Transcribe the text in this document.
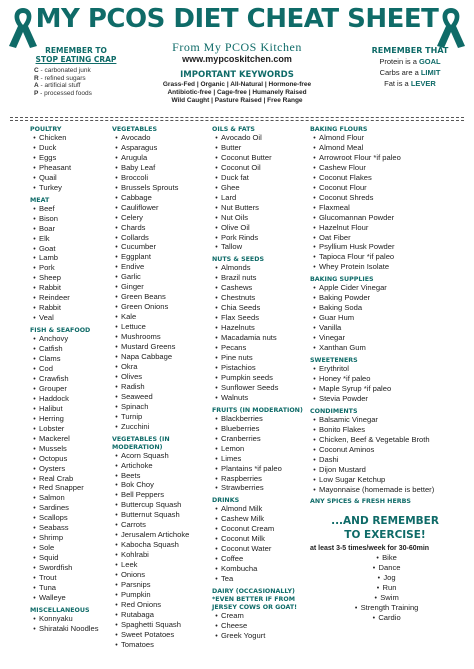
MY PCOS DIET CHEAT SHEET
From My PCOS Kitchen
www.mypcoskitchen.com
REMEMBER TO
STOP EATING CRAP
C - carbonated junk
R - refined sugars
A - artificial stuff
P - processed foods
IMPORTANT KEYWORDS
Grass-Fed | Organic | All-Natural | Hormone-free
Antibiotic-free | Cage-free | Humanely Raised
Wild Caught | Pasture Raised | Free Range
REMEMBER THAT
Protein is a GOAL
Carbs are a LIMIT
Fat is a LEVER
POULTRY
• Chicken
• Duck
• Eggs
• Pheasant
• Quail
• Turkey
MEAT
• Beef
• Bison
• Boar
• Elk
• Goat
• Lamb
• Pork
• Sheep
• Rabbit
• Reindeer
• Rabbit
• Veal
FISH & SEAFOOD
• Anchovy
• Catfish
• Clams
• Cod
• Crawfish
• Grouper
• Haddock
• Halibut
• Herring
• Lobster
• Mackerel
• Mussels
• Octopus
• Oysters
• Real Crab
• Red Snapper
• Salmon
• Sardines
• Scallops
• Seabass
• Shrimp
• Sole
• Squid
• Swordfish
• Trout
• Tuna
• Walleye
MISCELLANEOUS
• Konnyaku
• Shirataki Noodles
VEGETABLES
• Avocado
• Asparagus
• Arugula
• Baby Leaf
• Broccoli
• Brussels Sprouts
• Cabbage
• Cauliflower
• Celery
• Chards
• Collards
• Cucumber
• Eggplant
• Endive
• Garlic
• Ginger
• Green Beans
• Green Onions
• Kale
• Lettuce
• Mushrooms
• Mustard Greens
• Napa Cabbage
• Okra
• Olives
• Radish
• Seaweed
• Spinach
• Turnip
• Zucchini
VEGETABLES (IN MODERATION)
• Acorn Squash
• Artichoke
• Beets
• Bok Choy
• Bell Peppers
• Buttercup Squash
• Butternut Squash
• Carrots
• Jerusalem Artichoke
• Kabocha Squash
• Kohlrabi
• Leek
• Onions
• Parsnips
• Pumpkin
• Red Onions
• Rutabaga
• Spaghetti Squash
• Sweet Potatoes
• Tomatoes
OILS & FATS
• Avocado Oil
• Butter
• Coconut Butter
• Coconut Oil
• Duck fat
• Ghee
• Lard
• Nut Butters
• Nut Oils
• Olive Oil
• Pork Rinds
• Tallow
NUTS & SEEDS
• Almonds
• Brazil nuts
• Cashews
• Chestnuts
• Chia Seeds
• Flax Seeds
• Hazelnuts
• Macadamia nuts
• Pecans
• Pine nuts
• Pistachios
• Pumpkin seeds
• Sunflower Seeds
• Walnuts
FRUITS (IN MODERATION)
• Blackberries
• Blueberries
• Cranberries
• Lemon
• Limes
• Plantains *if paleo
• Raspberries
• Strawberries
DRINKS
• Almond Milk
• Cashew Milk
• Coconut Cream
• Coconut Milk
• Coconut Water
• Coffee
• Kombucha
• Tea
DAIRY (OCCASIONALLY) *EVEN BETTER IF FROM JERSEY COWS OR GOAT!
• Cream
• Cheese
• Greek Yogurt
BAKING FLOURS
• Almond Flour
• Almond Meal
• Arrowroot Flour *if paleo
• Cashew Flour
• Coconut Flakes
• Coconut Flour
• Coconut Shreds
• Flaxmeal
• Glucomannan Powder
• Hazelnut Flour
• Oat Fiber
• Psyllium Husk Powder
• Tapioca Flour *if paleo
• Whey Protein Isolate
BAKING SUPPLIES
• Apple Cider Vinegar
• Baking Powder
• Baking Soda
• Guar Hum
• Vanilla
• Vinegar
• Xanthan Gum
SWEETENERS
• Erythritol
• Honey *if paleo
• Maple Syrup *if paleo
• Stevia Powder
CONDIMENTS
• Balsamic Vinegar
• Bonito Flakes
• Chicken, Beef & Vegetable Broth
• Coconut Aminos
• Dashi
• Dijon Mustard
• Low Sugar Ketchup
• Mayonnaise (homemade is better)
ANY SPICES & FRESH HERBS
...AND REMEMBER
TO EXERCISE!
at least 3-5 times/week for 30-60min
• Bike
• Dance
• Jog
• Run
• Swim
• Strength Training
• Cardio
